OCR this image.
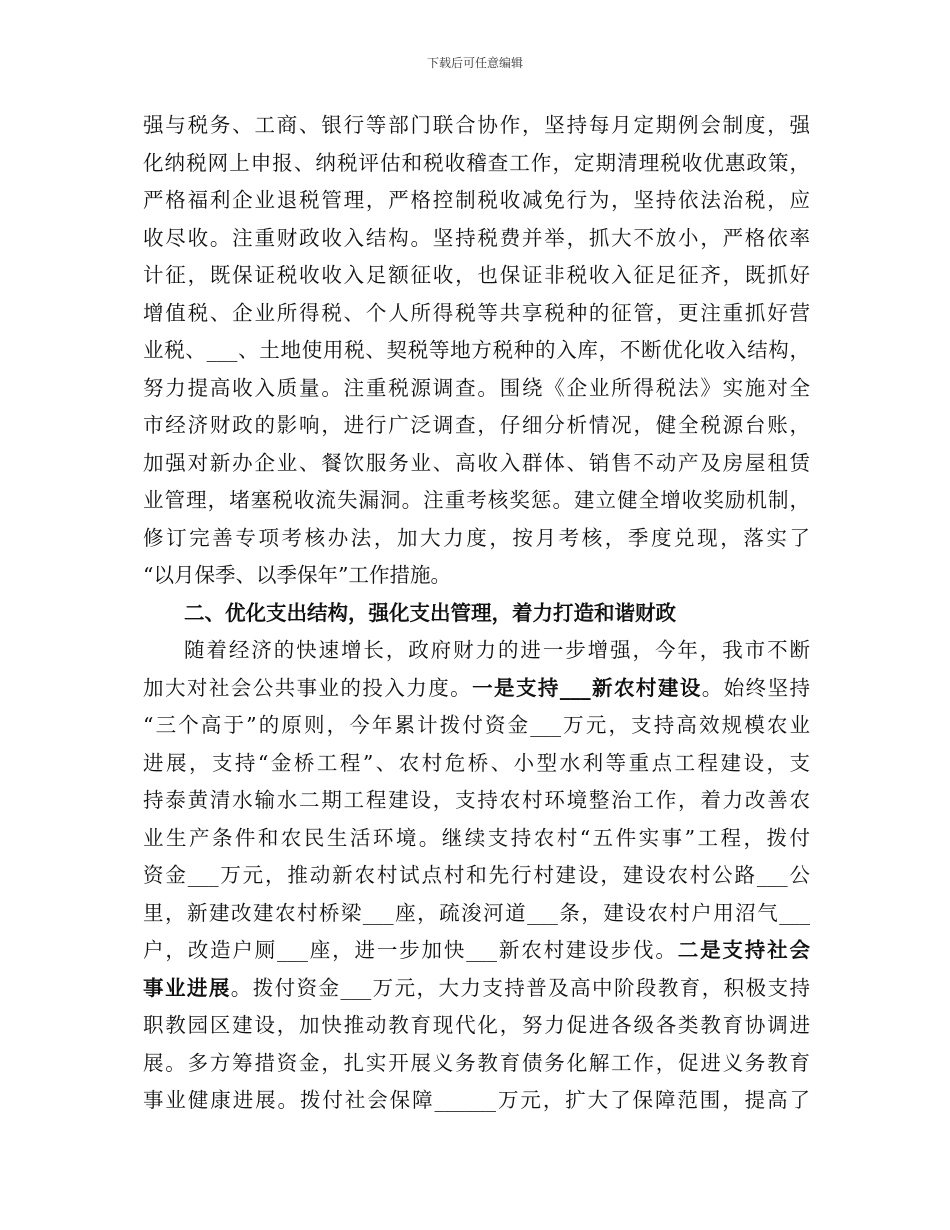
下载后可任意编辑
强与税务、工商、银行等部门联合协作，坚持每月定期例会制度，强
化纳税网上申报、纳税评估和税收稽查工作，定期清理税收优惠政策，
严格福利企业退税管理，严格控制税收减免行为，坚持依法治税，应
收尽收。注重财政收入结构。坚持税费并举，抓大不放小，严格依率
计征，既保证税收收入足额征收，也保证非税收入征足征齐，既抓好
增值税、企业所得税、个人所得税等共享税种的征管，更注重抓好营
业税、___、土地使用税、契税等地方税种的入库，不断优化收入结构，
努力提高收入质量。注重税源调查。围绕《企业所得税法》实施对全
市经济财政的影响，进行广泛调查，仔细分析情况，健全税源台账，
加强对新办企业、餐饮服务业、高收入群体、销售不动产及房屋租赁
业管理，堵塞税收流失漏洞。注重考核奖惩。建立健全增收奖励机制，
修订完善专项考核办法，加大力度，按月考核，季度兑现，落实了
“以月保季、以季保年”工作措施。
二、优化支出结构，强化支出管理，着力打造和谐财政
随着经济的快速增长，政府财力的进一步增强，今年，我市不断
加大对社会公共事业的投入力度。一是支持___新农村建设。始终坚持
“三个高于”的原则，今年累计拨付资金___万元，支持高效规模农业
进展，支持“金桥工程”、农村危桥、小型水利等重点工程建设，支
持泰黄清水输水二期工程建设，支持农村环境整治工作，着力改善农
业生产条件和农民生活环境。继续支持农村“五件实事”工程，拨付
资金___万元，推动新农村试点村和先行村建设，建设农村公路___公
里，新建改建农村桥梁___座，疏浚河道___条，建设农村户用沼气___
户，改造户厕___座，进一步加快___新农村建设步伐。二是支持社会
事业进展。拨付资金___万元，大力支持普及高中阶段教育，积极支持
职教园区建设，加快推动教育现代化，努力促进各级各类教育协调进
展。多方筹措资金，扎实开展义务教育债务化解工作，促进义务教育
事业健康进展。拨付社会保障______万元，扩大了保障范围，提高了
